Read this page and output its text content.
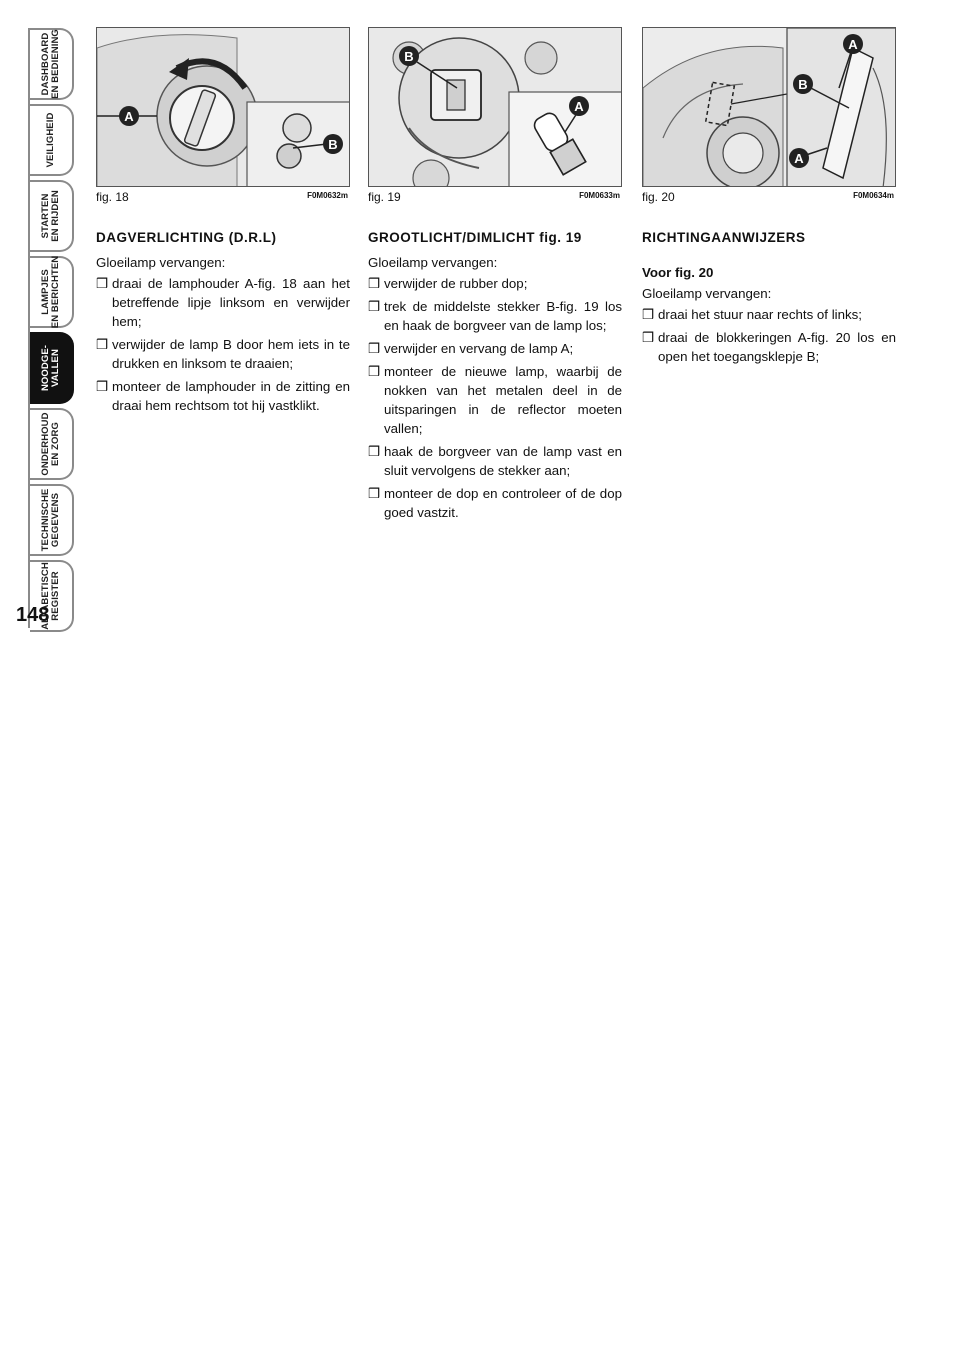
DASHBOARD
EN BEDIENING
VEILIGHEID
STARTEN
EN RIJDEN
LAMPJES
EN BERICHTEN
NOODGE-
VALLEN
ONDERHOUD
EN ZORG
TECHNISCHE
GEGEVENS
ALFABETISCH
REGISTER
148
A
B
fig. 18	F0M0632m
B
A
fig. 19	F0M0633m
A
B
A
fig. 20	F0M0634m
DAGVERLICHTING (D.R.L)

Gloeilamp vervangen:

❒ draai de lamphouder A-fig. 18 aan het betreffende lipje linksom en verwijder hem;
❒ verwijder de lamp B door hem iets in te drukken en linksom te draaien;
❒ monteer de lamphouder in de zitting en draai hem rechtsom tot hij vastklikt.
GROOTLICHT/DIMLICHT fig. 19

Gloeilamp vervangen:

❒ verwijder de rubber dop;
❒ trek de middelste stekker B-fig. 19 los en haak de borgveer van de lamp los;
❒ verwijder en vervang de lamp A;
❒ monteer de nieuwe lamp, waarbij de nokken van het metalen deel in de uitsparingen in de reflector moeten vallen;
❒ haak de borgveer van de lamp vast en sluit vervolgens de stekker aan;
❒ monteer de dop en controleer of de dop goed vastzit.
RICHTINGAANWIJZERS
Voor fig. 20

Gloeilamp vervangen:

❒ draai het stuur naar rechts of links;
❒ draai de blokkeringen A-fig. 20 los en open het toegangsklepje B;
